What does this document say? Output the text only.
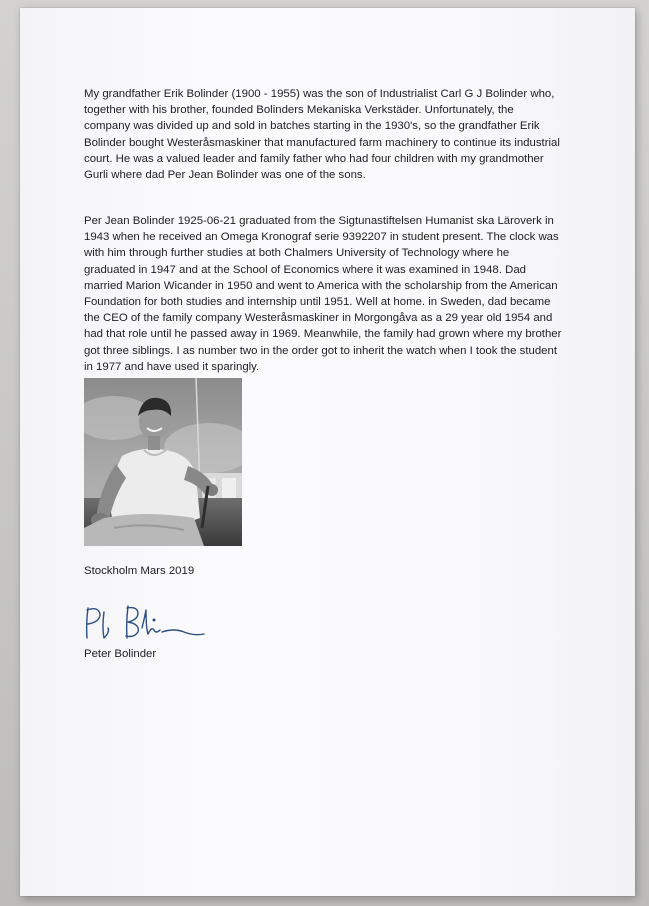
My grandfather Erik Bolinder (1900 - 1955) was the son of Industrialist Carl G J Bolinder who, together with his brother, founded Bolinders Mekaniska Verkstäder. Unfortunately, the company was divided up and sold in batches starting in the 1930's, so the grandfather Erik Bolinder bought Westeråsmaskiner that manufactured farm machinery to continue its industrial court. He was a valued leader and family father who had four children with my grandmother Gurli where dad Per Jean Bolinder was one of the sons.

Per Jean Bolinder 1925-06-21 graduated from the Sigtunastiftelsen Humanist ska Läroverk in 1943 when he received an Omega Kronograf serie 9392207 in student present. The clock was with him through further studies at both Chalmers University of Technology where he graduated in 1947 and at the School of Economics where it was examined in 1948. Dad married Marion Wicander in 1950 and went to America with the scholarship from the American Foundation for both studies and internship until 1951. Well at home. in Sweden, dad became the CEO of the family company Westeråsmaskiner in Morgongåva as a 29 year old 1954 and had that role until he passed away in 1969. Meanwhile, the family had grown where my brother got three siblings. I as number two in the order got to inherit the watch when I took the student in 1977 and have used it sparingly.

Stockholm Mars 2019

Peter Bolinder
